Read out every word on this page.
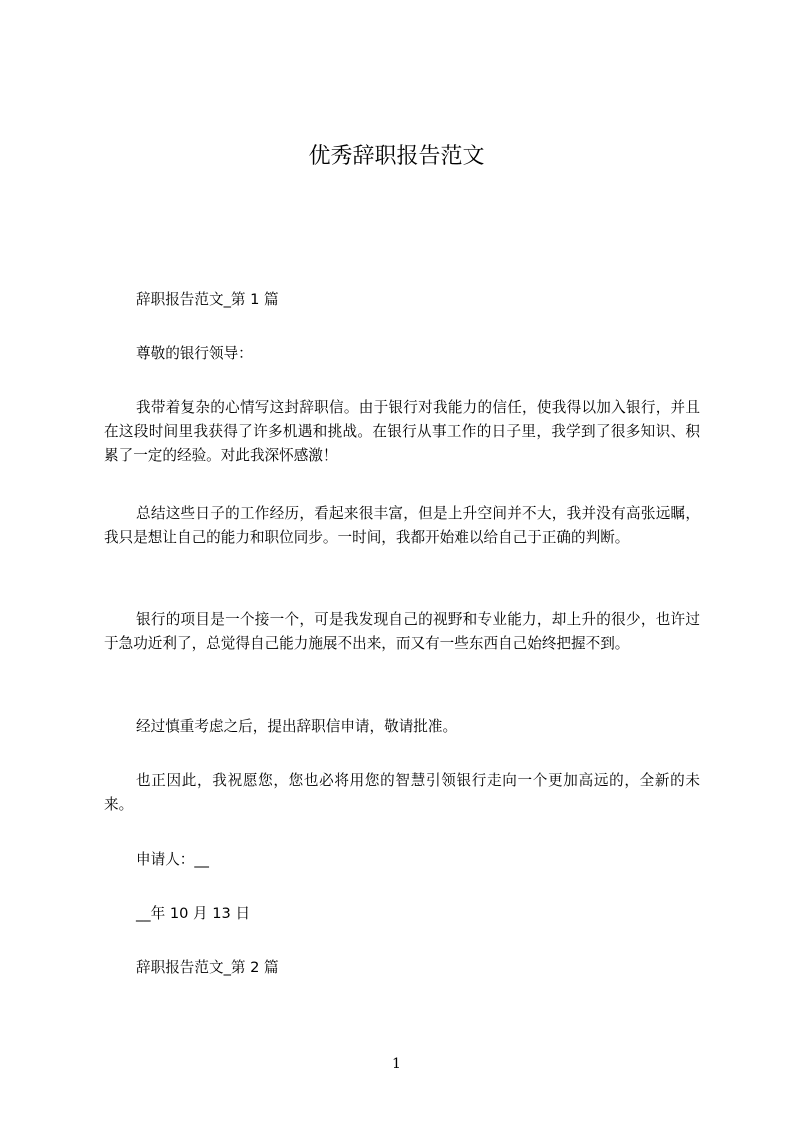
优秀辞职报告范文

辞职报告范文_第 1 篇

尊敬的银行领导：

我带着复杂的心情写这封辞职信。由于银行对我能力的信任，使我得以加入银行，并且在这段时间里我获得了许多机遇和挑战。在银行从事工作的日子里，我学到了很多知识、积累了一定的经验。对此我深怀感激！

总结这些日子的工作经历，看起来很丰富，但是上升空间并不大，我并没有高张远瞩，我只是想让自己的能力和职位同步。一时间，我都开始难以给自己于正确的判断。

银行的项目是一个接一个，可是我发现自己的视野和专业能力，却上升的很少，也许过于急功近利了，总觉得自己能力施展不出来，而又有一些东西自己始终把握不到。

经过慎重考虑之后，提出辞职信申请，敬请批准。

也正因此，我祝愿您，您也必将用您的智慧引领银行走向一个更加高远的，全新的未来。

申请人：__

__年 10 月 13 日

辞职报告范文_第 2 篇

1
